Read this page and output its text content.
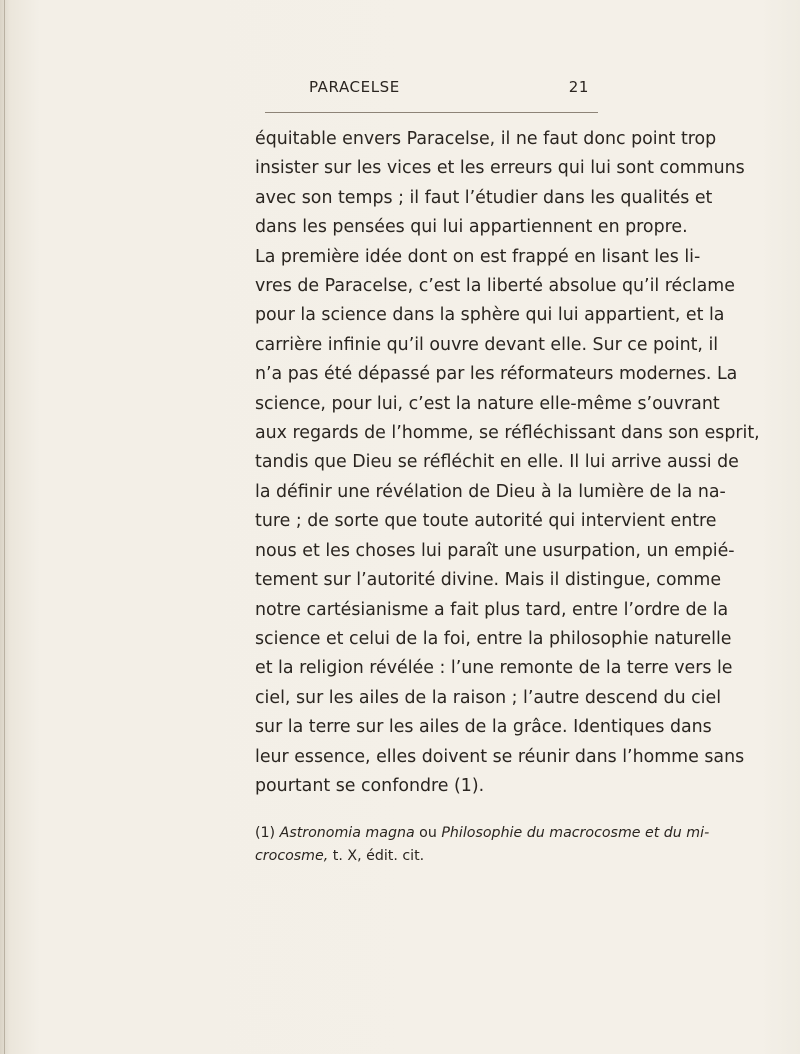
PARACELSE	21
équitable envers Paracelse, il ne faut donc point trop
insister sur les vices et les erreurs qui lui sont communs
avec son temps ; il faut l’étudier dans les qualités et
dans les pensées qui lui appartiennent en propre.
La première idée dont on est frappé en lisant les li-
vres de Paracelse, c’est la liberté absolue qu’il réclame
pour la science dans la sphère qui lui appartient, et la
carrière infinie qu’il ouvre devant elle. Sur ce point, il
n’a pas été dépassé par les réformateurs modernes. La
science, pour lui, c’est la nature elle-même s’ouvrant
aux regards de l’homme, se réfléchissant dans son esprit,
tandis que Dieu se réfléchit en elle. Il lui arrive aussi de
la définir une révélation de Dieu à la lumière de la na-
ture ; de sorte que toute autorité qui intervient entre
nous et les choses lui paraît une usurpation, un empié-
tement sur l’autorité divine. Mais il distingue, comme
notre cartésianisme a fait plus tard, entre l’ordre de la
science et celui de la foi, entre la philosophie naturelle
et la religion révélée : l’une remonte de la terre vers le
ciel, sur les ailes de la raison ; l’autre descend du ciel
sur la terre sur les ailes de la grâce. Identiques dans
leur essence, elles doivent se réunir dans l’homme sans
pourtant se confondre (1).
(1) Astronomia magna ou Philosophie du macrocosme et du mi-
crocosme, t. X, édit. cit.
